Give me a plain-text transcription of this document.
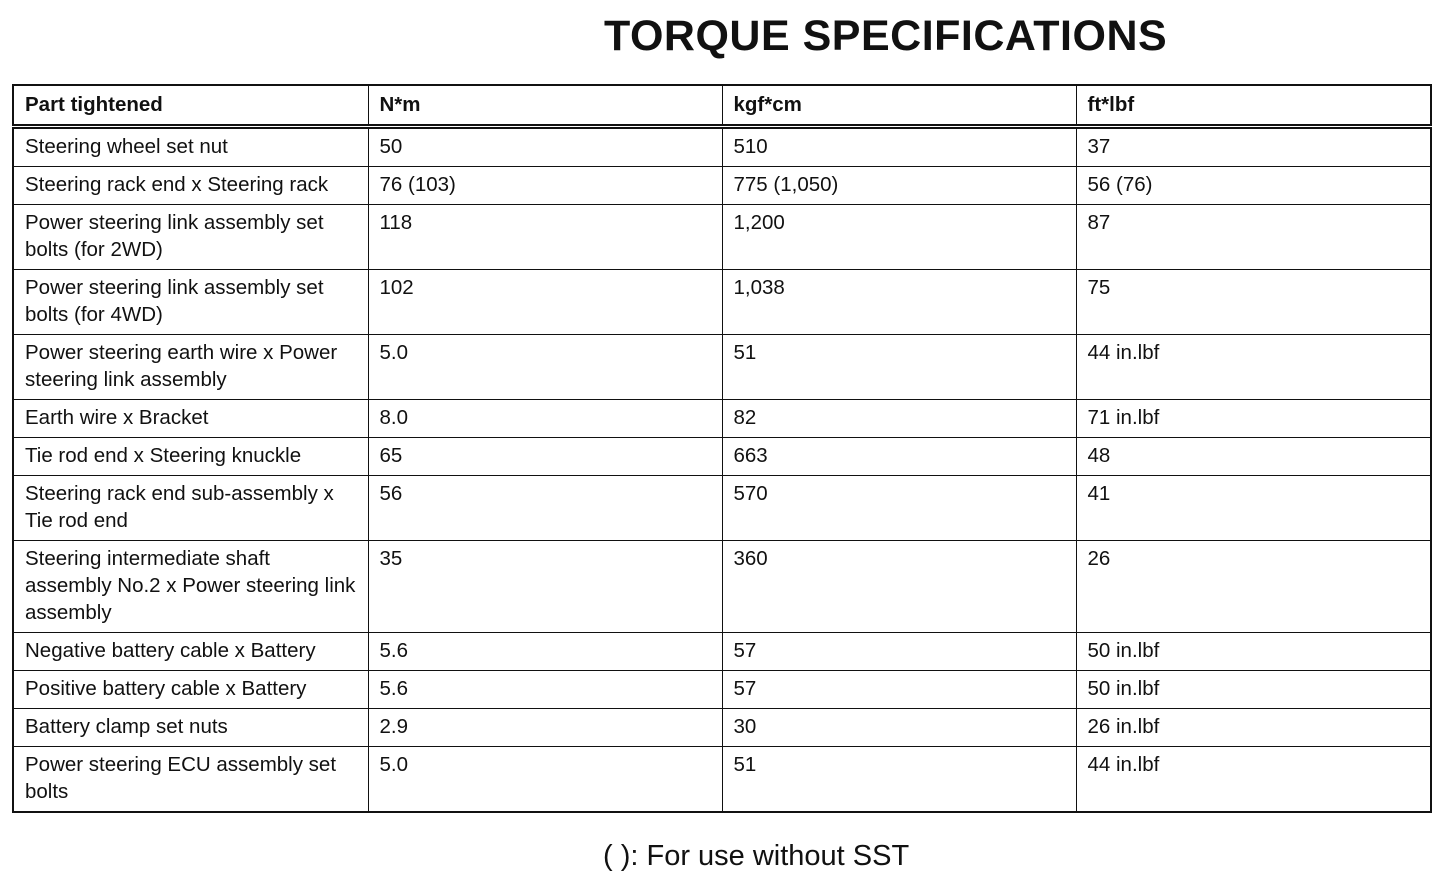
TORQUE SPECIFICATIONS
Part tightened	N*m	kgf*cm	ft*lbf
Steering wheel set nut	50	510	37
Steering rack end x Steering rack	76 (103)	775 (1,050)	56 (76)
Power steering link assembly set bolts (for 2WD)	118	1,200	87
Power steering link assembly set bolts (for 4WD)	102	1,038	75
Power steering earth wire x Power steering link assembly	5.0	51	44 in.lbf
Earth wire x Bracket	8.0	82	71 in.lbf
Tie rod end x Steering knuckle	65	663	48
Steering rack end sub-assembly x Tie rod end	56	570	41
Steering intermediate shaft assembly No.2 x Power steering link assembly	35	360	26
Negative battery cable x Battery	5.6	57	50 in.lbf
Positive battery cable x Battery	5.6	57	50 in.lbf
Battery clamp set nuts	2.9	30	26 in.lbf
Power steering ECU assembly set bolts	5.0	51	44 in.lbf

( ): For use without SST
